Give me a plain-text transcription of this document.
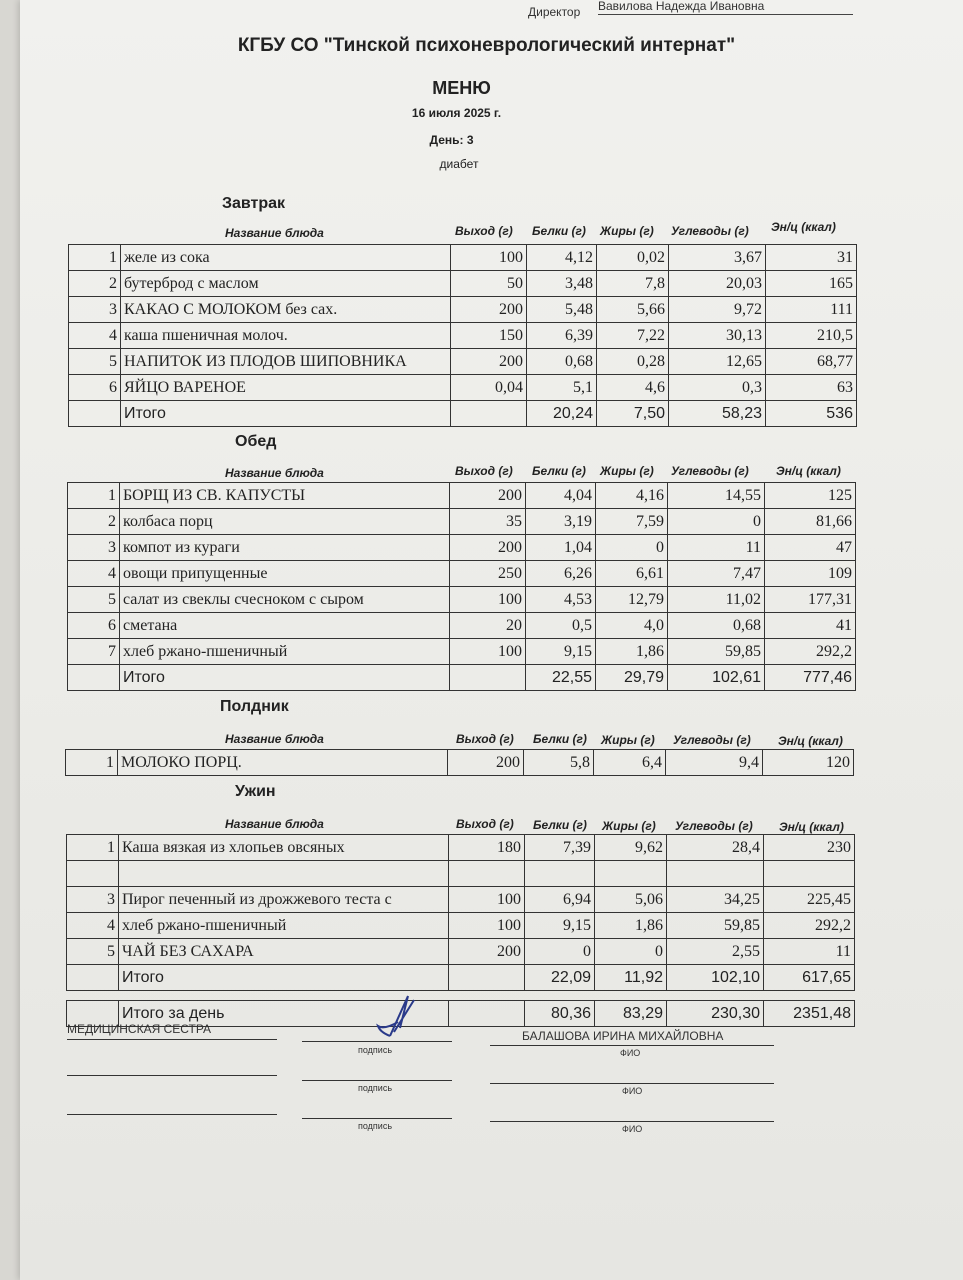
Директор Вавилова Надежда Ивановна
КГБУ СО "Тинской психоневрологический интернат"
МЕНЮ
16 июля 2025 г.
День: 3
диабет
Завтрак
Название блюда	Выход (г) Белки (г) Жиры (г) Углеводы (г) Эн/ц (ккал)
1	желе из сока	100	4,12	0,02	3,67	31
2	бутерброд с маслом	50	3,48	7,8	20,03	165
3	КАКАО С МОЛОКОМ без сах.	200	5,48	5,66	9,72	111
4	каша пшеничная молоч.	150	6,39	7,22	30,13	210,5
5	НАПИТОК ИЗ ПЛОДОВ ШИПОВНИКА	200	0,68	0,28	12,65	68,77
6	ЯЙЦО ВАРЕНОЕ	0,04	5,1	4,6	0,3	63
	Итого		20,24	7,50	58,23	536
Обед
Название блюда	Выход (г) Белки (г) Жиры (г) Углеводы (г) Эн/ц (ккал)
1	БОРЩ ИЗ СВ. КАПУСТЫ	200	4,04	4,16	14,55	125
2	колбаса порц	35	3,19	7,59	0	81,66
3	компот из кураги	200	1,04	0	11	47
4	овощи припущенные	250	6,26	6,61	7,47	109
5	салат из свеклы счесноком с сыром	100	4,53	12,79	11,02	177,31
6	сметана	20	0,5	4,0	0,68	41
7	хлеб ржано-пшеничный	100	9,15	1,86	59,85	292,2
	Итого		22,55	29,79	102,61	777,46
Полдник
Название блюда	Выход (г) Белки (г) Жиры (г) Углеводы (г) Эн/ц (ккал)
1	МОЛОКО ПОРЦ.	200	5,8	6,4	9,4	120
Ужин
Название блюда	Выход (г) Белки (г) Жиры (г) Углеводы (г) Эн/ц (ккал)
1	Каша вязкая из хлопьев овсяных	180	7,39	9,62	28,4	230

3	Пирог печенный из дрожжевого теста с	100	6,94	5,06	34,25	225,45
4	хлеб ржано-пшеничный	100	9,15	1,86	59,85	292,2
5	ЧАЙ БЕЗ САХАРА	200	0	0	2,55	11
	Итого		22,09	11,92	102,10	617,65
	Итого за день		80,36	83,29	230,30	2351,48
МЕДИЦИНСКАЯ СЕСТРА	БАЛАШОВА ИРИНА МИХАЙЛОВНА
подпись	ФИО
подпись	ФИО
подпись	ФИО
